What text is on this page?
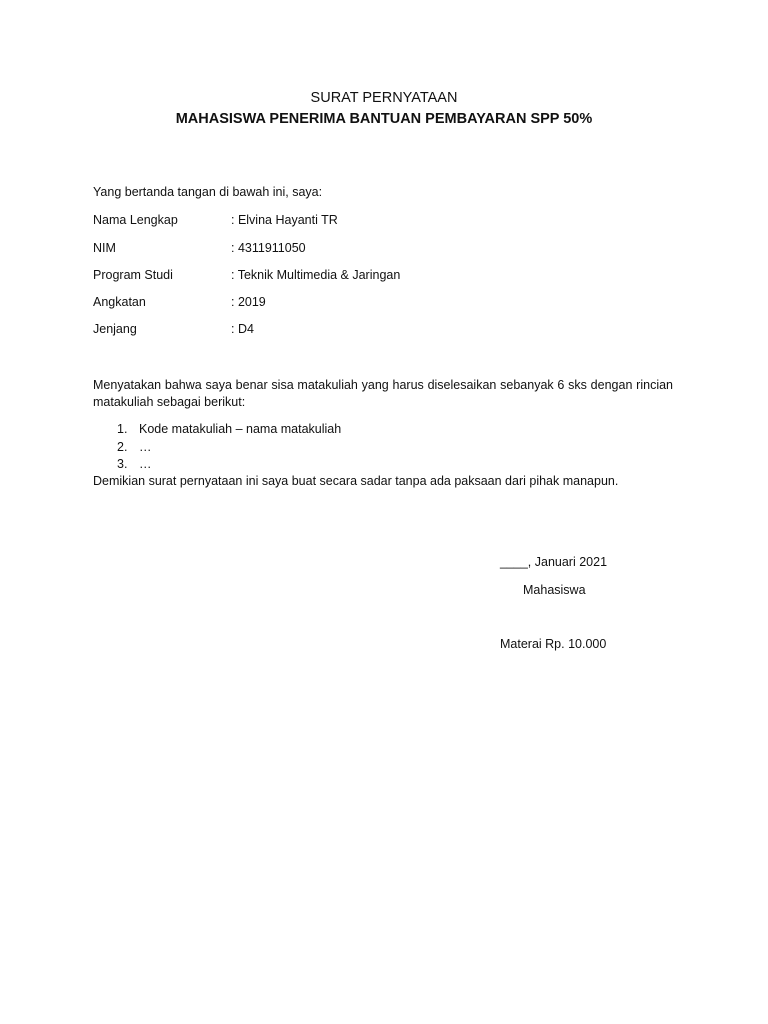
SURAT PERNYATAAN
MAHASISWA PENERIMA BANTUAN PEMBAYARAN SPP 50%
Yang bertanda tangan di bawah ini, saya:
Nama Lengkap	: Elvina Hayanti TR
NIM	: 4311911050
Program Studi	: Teknik Multimedia & Jaringan
Angkatan	: 2019
Jenjang	: D4
Menyatakan bahwa saya benar sisa matakuliah yang harus diselesaikan sebanyak 6 sks dengan rincian matakuliah sebagai berikut:
1. Kode matakuliah – nama matakuliah
2. …
3. …
Demikian surat pernyataan ini saya buat secara sadar tanpa ada paksaan dari pihak manapun.
____, Januari 2021
Mahasiswa
Materai Rp. 10.000
